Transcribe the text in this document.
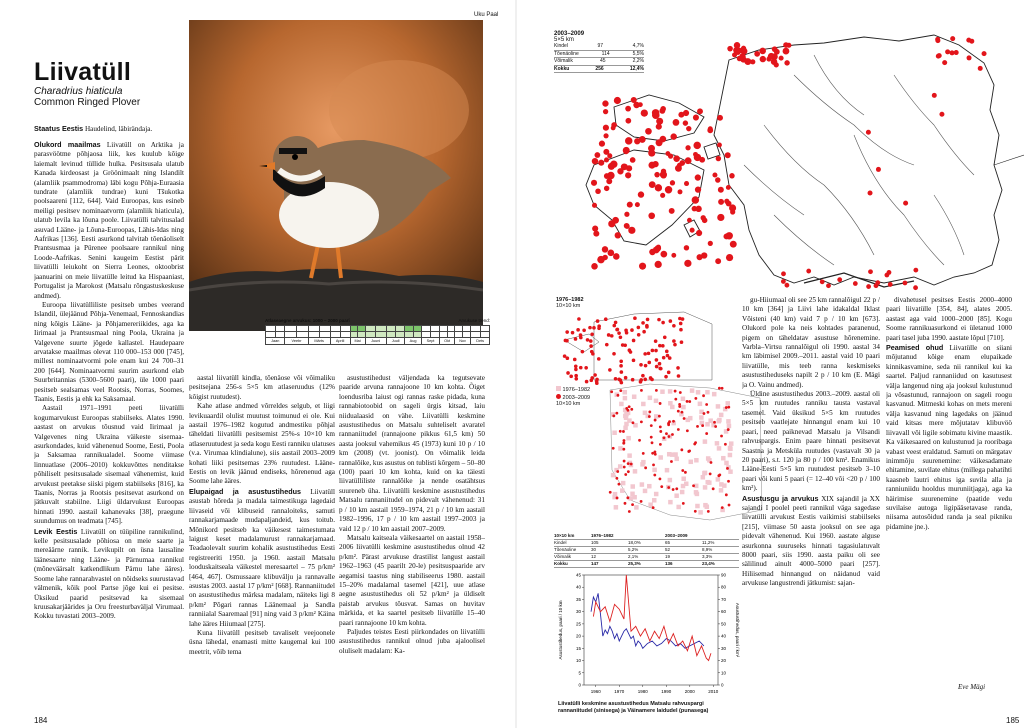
Uku Paal
Liivatüll
Charadrius hiaticula
Common Ringed Plover
Atlaseaegne arvukus: 1000 – 2000 paari	Arvukuse trend:

Jaan		Veebr		Märts		Aprill		Mai		Juuni		Juuli		Aug		Sept		Okt		Nov		Dets	

Staatus Eestis Haudelind, läbirändaja.

Olukord maailmas Liivatüll on Arktika ja parasvöötme põhjaosa liik, kes kuulub kõige laiemalt levinud tüllide hulka. Pesitsusala ulatub Kanada kirdeosast ja Gröönimaalt ning Islandilt (alamliik psammodroma) läbi kogu Põhja-Euraasia tundrate (alamliik tundrae) kuni Tšukotka poolsaareni [112, 644]. Vaid Euroopas, kus esineb meiligi pesitsev nominaatvorm (alamliik hiaticula), ulatub levila ka lõuna poole. Liivatülli talvitusalad asuvad Lääne- ja Lõuna-Euroopas, Lähis-Idas ning Aafrikas [136]. Eesti asurkond talvitab tõenäoliselt Prantsusmaa ja Pürenee poolsaare rannikul ning Loode-Aafrikas. Senini kaugeim Eestist pärit liivatülli leiukoht on Sierra Leones, oktoobrist jaanuarini on meie liivatülle leitud ka Hispaaniast, Portugalist ja Marokost (Matsalu rõngastuskeskuse andmed).

Euroopa liivatülliliste pesitseb umbes veerand Islandil, ülejäänud Põhja-Venemaal, Fennoskandias ning kõigis Lääne- ja Põhjamereriikides, aga ka Iirimaal ja Prantsusmaal ning Poola, Ukraina ja Valgevene suurte jõgede kallastel. Haudepaare arvatakse maailmas olevat 110 000–153 000 [745], millest nominaatvormi pole enam kui 24 700–31 200 [644]. Nominaatvormi suurim asurkond elab Suurbritannias (5300–5600 paari), üle 1000 paari pesitseb sealsamas veel Rootsis, Norras, Soomes, Taanis, Eestis ja ehk ka Saksamaal.

Aastail 1971–1991 peeti liivatülli kogumarvukust Euroopas stabiilseks. Alates 1990. aastast on arvukus tõusnud vaid Iirimaal ja Valgevenes ning Ukraina väikeste sisemaa-asurkondades, kuid vähenenud Soome, Eesti, Poola ja Saksamaa rannikualadel. Soome viimase linnuatlase (2006–2010) kokkuvõttes nenditakse põhiliselt pesitsusalade sisemaal vähenemist, kuid arvukust peetakse siiski pigem stabiilseks [816], ka Taanis, Norras ja Rootsis pesitsevat asurkond on jätkuvalt stabiilne. Liigi üldarvukust Euroopas hinnati 1990. aastail kahanevaks [38], praegune suundumus on teadmata [745].

Levik Eestis Liivatüll on tüüpiline rannikulind, kelle pesitsusalade põhiosa on meie saarte ja mereäärne rannik. Levikupilt on üsna lausaline läänesaarte ning Lääne- ja Pärnumaa rannikul (mõneväärsalt katkendlikum Pärnu lahe ääres). Soome lahe rannarahvastel on nõidseks suurustavad välmenik, kõik pool Partse jõge kui ei pesitse. Üksikud paarid pesitsevad ka sisemaal kruusakarjäärides ja Oru freesturbaväljal Virumaal. Kokku tuvastati 2003–2009.

aastal liivatüll kindla, tõenäose või võimaliku pesitsejana 256-s 5×5 km atlaseruudus (12% kõigist ruutudest).

Kahe atlase andmed võrreldes selgub, et liigi levikuaardil olulist muutust toimunud ei ole. Kui aastail 1976–1982 kogutud andmestiku põhjal täheldati liivatülli pesitsemist 25%-s 10×10 km atlaseruutudest ja seda kogu Eesti ranniku ulatuses (v.a. Virumaa klindialune), siis aastail 2003–2009 kohati liiki pesitsemas 23% ruutudest. Lääne-Eestis on levik jäänud endiseks, hõrenenud aga Soome lahe ääres.

Elupaigad ja asustustihedus Liivatüll asustab hõreda ja madala taimestikuga lagedaid liivaseid või klibuseid rannaloiteks, samuti rannakarjamaade mudapaljandeid, kus toitub. Mõnikord pesitseb ka väikesest taimestumata laigust keset madalamurust rannakarjamaad. Teadaolevalt suurim kohalik asustustihedus Eesti registreeriti 1950. ja 1960. aastail Matsalu looduskaitseala väikestel meresaartel – 75 p/km² [464, 467]. Osmussaare klibuvälju ja rannavalle asustas 2003. aastal 17 p/km² [668]. Rannaniitudel on asustustihedus märksa madalam, näiteks ligi 8 p/km² Põgari rannas Läänemaal ja Sandla ranniialal Saaremaal [91] ning vaid 3 p/km² Käina lahe ääres Hiiumaal [275].

Kuna liivatüll pesitseb tavaliselt veejoonele üsna lähedal, enamasti mitte kaugemal kui 100 meetrit, võib tema

asustustihedust väljendada ka tegutsevate paaride arvuna rannajoone 10 km kohta. Õiget loendusriba laiust ogi rannas raske pidada, kuna rannabiotoobid on sageli ürgis kitsad, laiu niidualaasid on vähe. Liivatülli keskmine asustustihedus on Matsalu suhteliselt avaratel rannaniitudel (rannajoone pikkus 61,5 km) 50 aasta jooksul vahemikus 45 (1973) kuni 10 p / 10 km (2008) (vt. joonist). On võimalik leida rannalõike, kus asustus on tublisti kõrgem – 50–80 (100) paari 10 km kohta, kuid on ka täiesti liivatülliliste rannalõike ja nende osatähtsus suureneb üha. Liivatülli keskmine asustustihedus Matsalu rannaniitudel on pidevalt vähenenud: 31 p / 10 km aastail 1959–1974, 21 p / 10 km aastail 1982–1996, 17 p / 10 km aastail 1997–2003 ja vaid 12 p / 10 km aastail 2007–2009.

Matsalu kaitseala väikesaartel on aastail 1958–2006 liivatülli keskmine asustustihedus olnud 42 p/km². Pärast arvukuse drastilist langust aastail 1962–1963 (45 paarilt 20-le) pesitsuspaaride arv aegamisi taastus ning stabiliseerus 1980. aastail 15–20% madalamal tasemel [421], uue atlase aegne asustustihedus oli 52 p/km² ja üldiselt paistab arvukus tõusvat. Samas on huvitav märkida, et ka saartel pesitseb liivatülle 15–40 paari rannajoone 10 km kohta.

Paljudes teistes Eesti piirkondades on liivatülli asustustihedus rannikul olnud juba ajaloolisel oluliselt madalam: Ka-

184
2003–2009
5×5 km
Kindel	97	4,7%
Tõenäoline	114	5,5%
Võimalik	45	2,2%
Kokku	256	12,4%
1976–1982
10×10 km
1976–1982
2003–2009
10×10 km
10×10 km	1976–1982	2003–2009
Kindel	105	18,0%	65	11,2%
Tõenäoline	30	5,2%	52	8,9%
Võimalik	12	2,1%	19	3,3%
Kokku	147	25,3%	136	23,4%
0
5
10
15
20
25
30
35
40
45
0
10
20
30
40
50
60
70
80
90
1960	1970	1980	1990	2000	2010
Asustustihedus, paari / 10 km	Asustustihedus, paari / km²
Liivatülli keskmine asustustihedus Matsalu rahvuspargi rannaniitudel (sinisega) ja Väinamere laidudel (punasega)

gu-Hiiumaal oli see 25 km rannalõigul 22 p / 10 km [364] ja Liivi lahe idakaldal Iklast Võisteni (40 km) vaid 7 p / 10 km [673]. Olukord pole ka neis kohtades paranenud, pigem on täheldatav asustuse hõrenemine. Varbla–Virtsu rannalõigul oli 1990. aastal 34 km läbimisel 2009.–2011. aastal vaid 10 paari liivatülle, mis teeb ranna keskmiseks asustustiheduseks napilt 2 p / 10 km (E. Mägi ja O. Vainu andmed).

Üldine asustustihedus 2003.–2009. aastal oli 5×5 km ruutudes ranniku tausta vastaval tasemel. Vaid üksikud 5×5 km ruutudes pesitseb vaatlejate hinnangul enam kui 10 paari, need paiknevad Matsalu ja Vilsandi rahvuspargis. Enim paare hinnati pesitsevat Saastna ja Metsküla ruutudes (vastavalt 30 ja 20 paari), s.t. 120 ja 80 p / 100 km². Enamikus Lääne-Eesti 5×5 km ruutudest pesitseb 3–10 paari või kuni 5 paari (= 12–40 või <20 p / 100 km²).

Asustusgu ja arvukus XIX sajandil ja XX sajandi I poolel peeti rannikul väga sagedase liivatülli arvukust Eestis vaikimisi stabiilseks [215], viimase 50 aasta jooksul on see aga pidevalt vähenenud. Kui 1960. aastate alguse asurkonna suuruseks hinnati tagasiulatuvalt 8000 paari, siis 1990. aasta paiku oli see sälilinud ainult 4000–5000 paari [257]. Hiliisemad hinnangud on näidanud vaid arvukuse langustrendi jätkumist: sajan-

divahetusel pesitses Eestis 2000–4000 paari liivatülle [354, 84], alates 2005. aastast aga vaid 1000–2000 [85]. Kogu Soome rannikuasurkond ei ületanud 1000 paari tasel juba 1990. aastate lõpul [710].

Peamised ohud Liivatülle on siiani mõjutanud kõige enam elupaikade kinnikasvamine, seda nii rannikul kui ka saartel. Paljud rannaniidud on kasutusest välja langenud ning aja jooksul kulustunud ja võsastunud, rannajoon on sageli roogu kasvanud. Mitmeski kohas on mets mereni välja kasvanud ning lagedaks on jäänud vaid kitsas mere mõjutatav klibuvöö liivavall või ligile sobimatu kivine maastik. Ka väikesaared on kulustunud ja rooribaga vabast veest eraldatud. Samuti on märgatav inimmõju suurenemine: väikesadamate ehitamine, suvilate ehitus (millega pahatihti kaasneb lautri ehitus iga suvila alla ja ranniuniidu hooldus muruniitjaga), aga ka häirimise suurenemine (paatide vedu suvilaise autoga ligipääsetavase randa, niisama autosõidud randa ja seal pikniku pidamine jne.).

Eve Mägi
185
